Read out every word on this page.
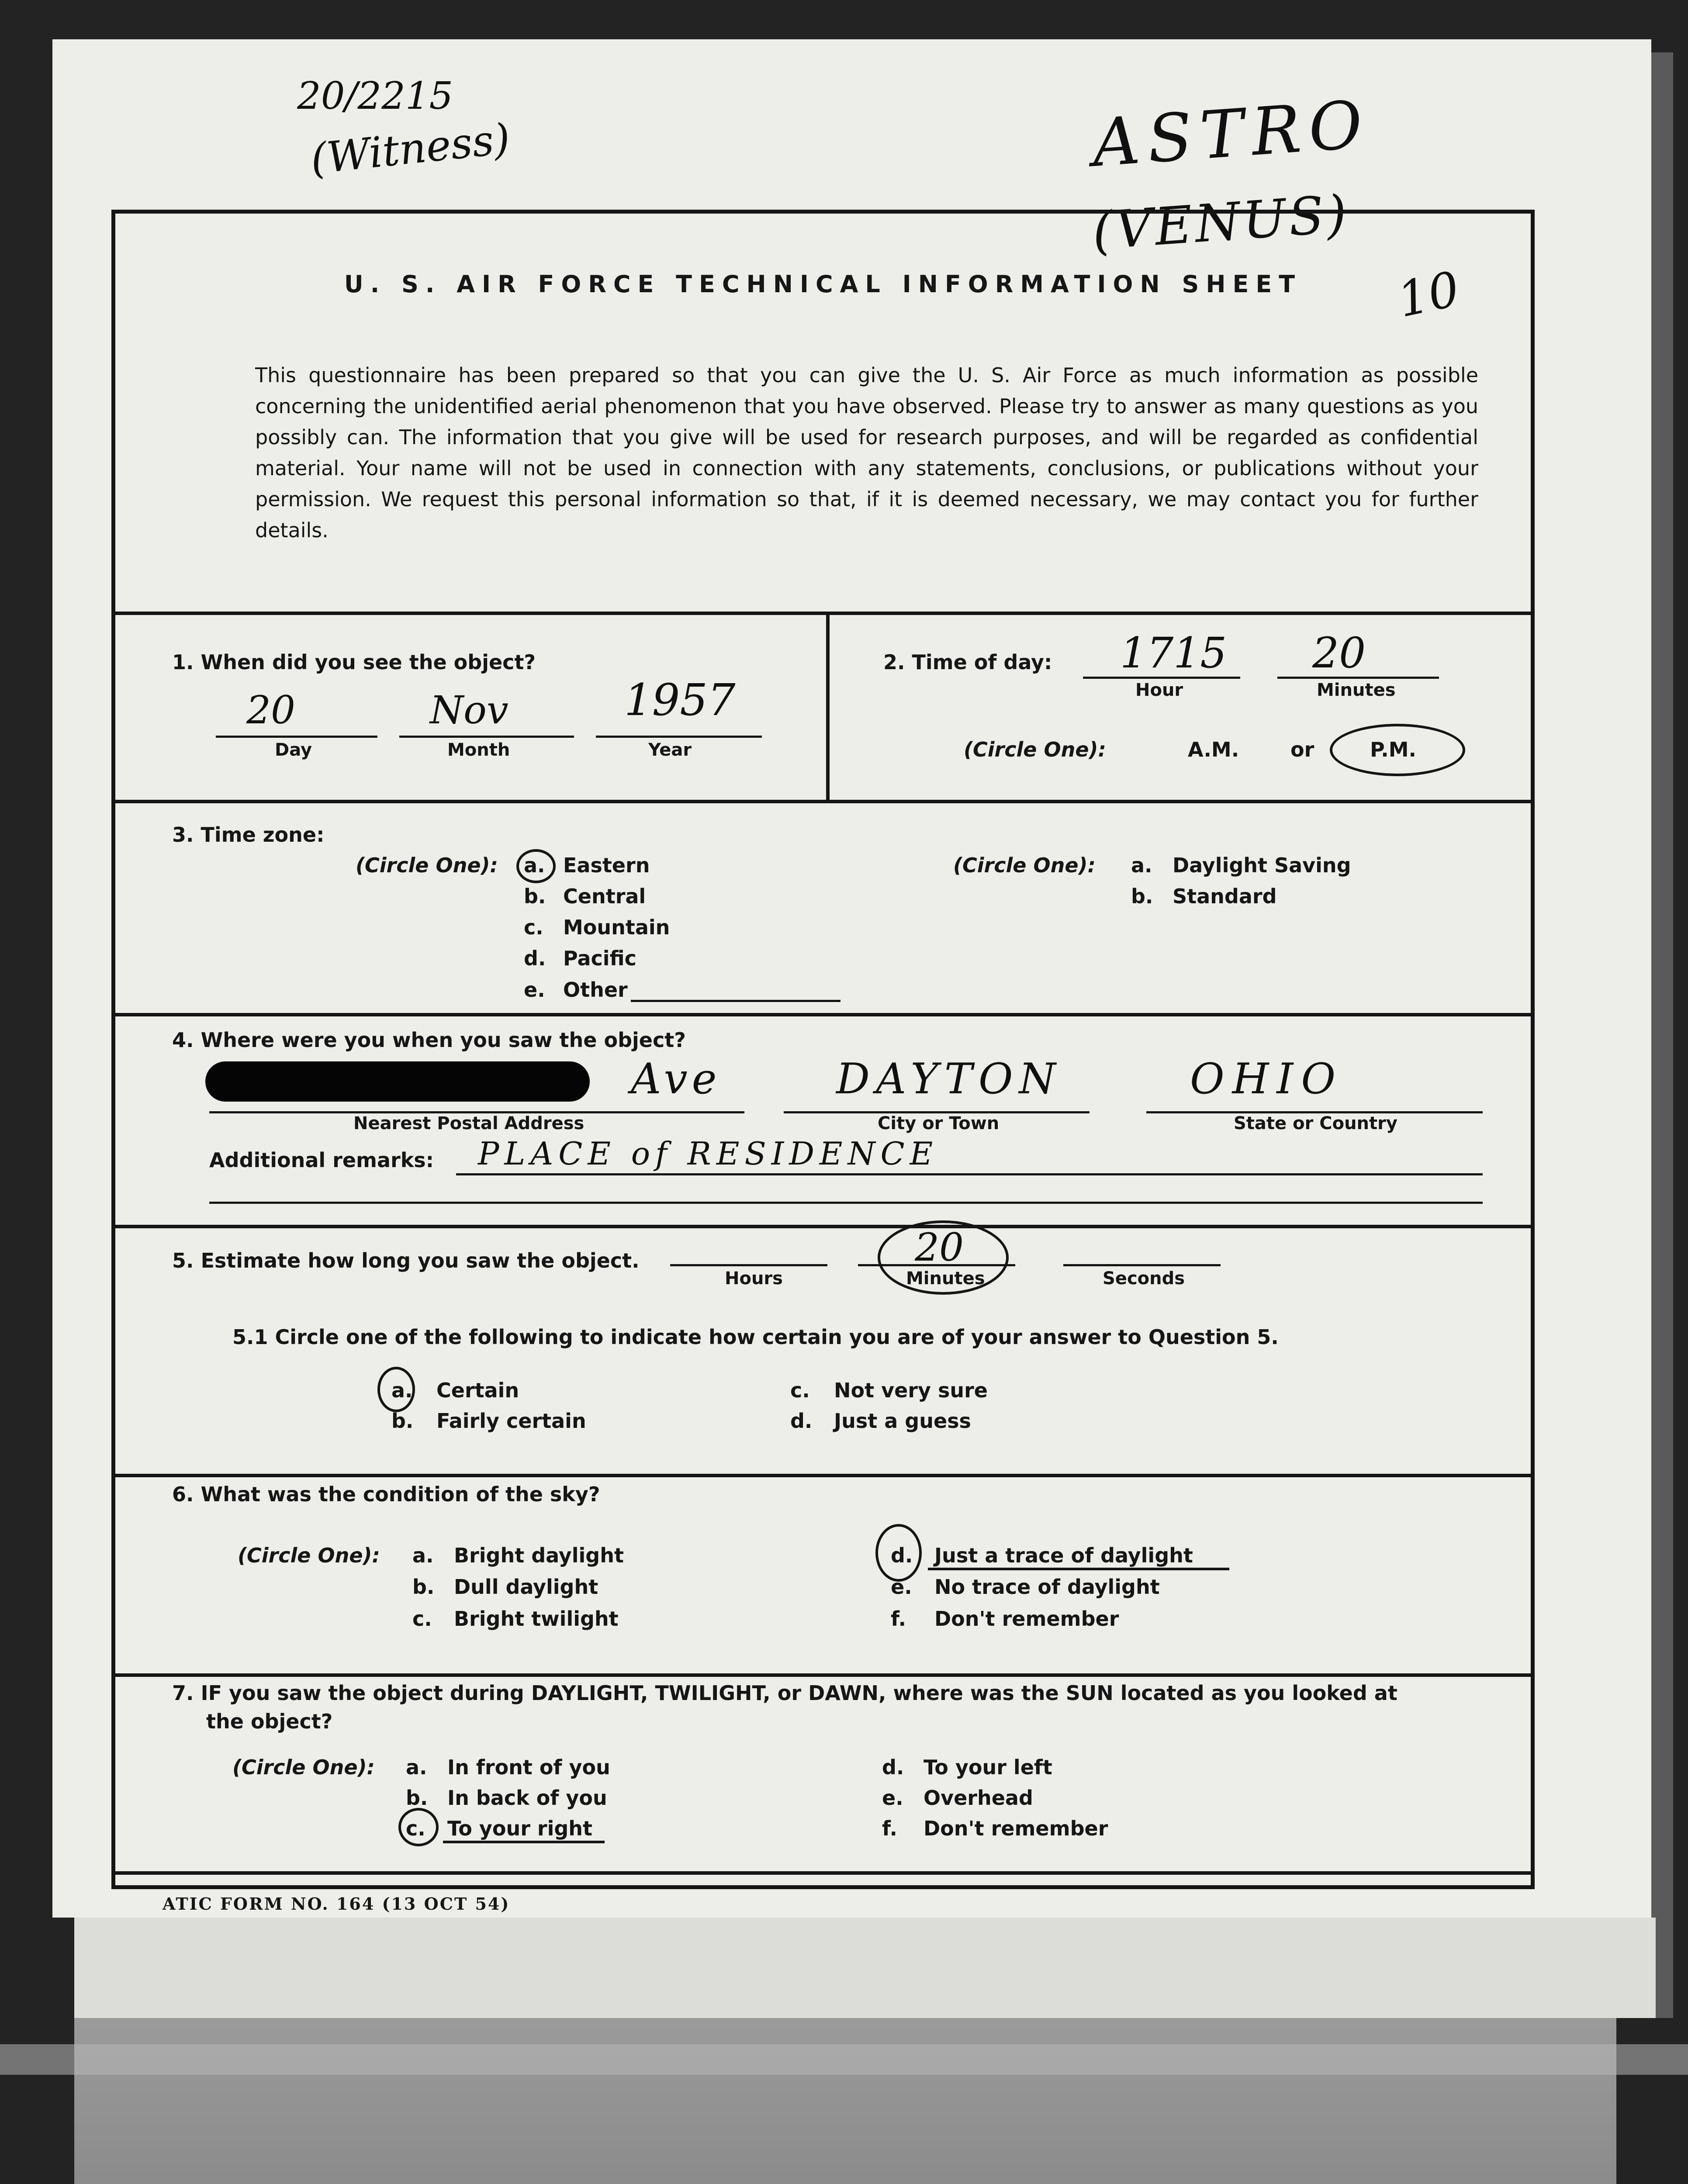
20/2215
(Witness)	ASTRO
(VENUS)
10
U. S. AIR FORCE TECHNICAL INFORMATION SHEET
This questionnaire has been prepared so that you can give the U. S. Air Force as much information as possible concerning the unidentified aerial phenomenon that you have observed. Please try to answer as many questions as you possibly can. The information that you give will be used for research purposes, and will be regarded as confidential material. Your name will not be used in connection with any statements, conclusions, or publications without your permission. We request this personal information so that, if it is deemed necessary, we may contact you for further details.
1. When did you see the object?
20
Day
Nov
Month
1957
Year
2. Time of day: 1715
Hour
20
Minutes
(Circle One):	A.M.	or	P.M.
3. Time zone:
(Circle One): a. Eastern
b. Central
c. Mountain
d. Pacific
e. Other
(Circle One): a. Daylight Saving
b. Standard
4. Where were you when you saw the object?
Ave
Nearest Postal Address
DAYTON
City or Town
OHIO
State or Country
Additional remarks: PLACE of RESIDENCE
5. Estimate how long you saw the object.
Hours
20
Minutes	Seconds
5.1 Circle one of the following to indicate how certain you are of your answer to Question 5.
a. Certain
b. Fairly certain
c. Not very sure
d. Just a guess
6. What was the condition of the sky?
(Circle One): a. Bright daylight
b. Dull daylight
c. Bright twilight
d. Just a trace of daylight
e. No trace of daylight
f. Don't remember
7. IF you saw the object during DAYLIGHT, TWILIGHT, or DAWN, where was the SUN located as you looked at
the object?
(Circle One): a. In front of you
b. In back of you
c. To your right
d. To your left
e. Overhead
f. Don't remember
ATIC FORM NO. 164 (13 OCT 54)
